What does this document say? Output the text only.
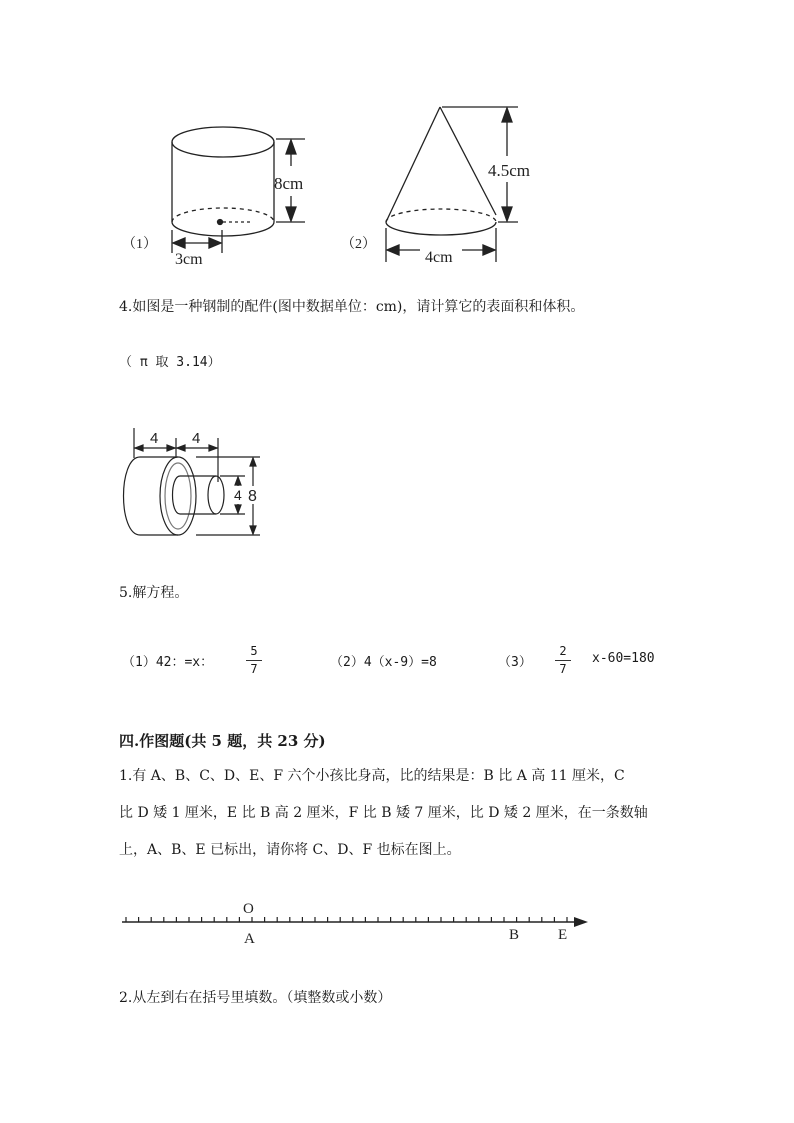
（1）
8cm
3cm
（2）
4.5cm
4cm
4.如图是一种钢制的配件(图中数据单位：cm)，请计算它的表面积和体积。
（ π 取 3.14）
4 4
4 8
5.解方程。
（1）42：=x：
5
7	（2）4（x-9）=8	（3）
2
7
x-60=180
四.作图题(共 5 题，共 23 分)
1.有 A、B、C、D、E、F 六个小孩比身高，比的结果是：B 比 A 高 11 厘米，C
比 D 矮 1 厘米，E 比 B 高 2 厘米，F 比 B 矮 7 厘米，比 D 矮 2 厘米，在一条数轴
上，A、B、E 已标出，请你将 C、D、F 也标在图上。
O
A	B	E
2.从左到右在括号里填数。（填整数或小数）
